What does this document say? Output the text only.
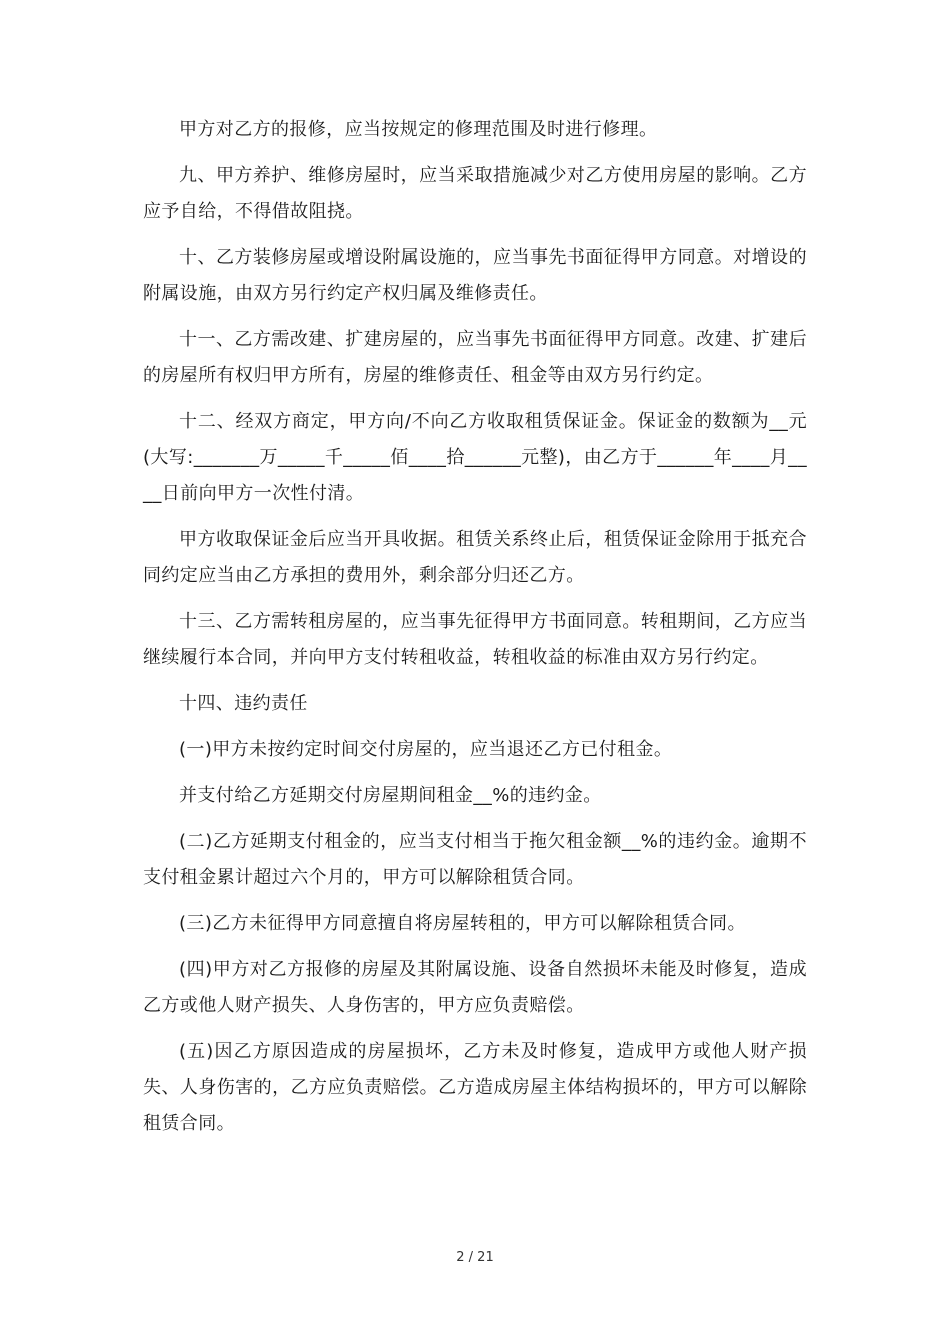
甲方对乙方的报修，应当按规定的修理范围及时进行修理。

九、甲方养护、维修房屋时，应当采取措施减少对乙方使用房屋的影响。乙方应予自给，不得借故阻挠。

十、乙方装修房屋或增设附属设施的，应当事先书面征得甲方同意。对增设的附属设施，由双方另行约定产权归属及维修责任。

十一、乙方需改建、扩建房屋的，应当事先书面征得甲方同意。改建、扩建后的房屋所有权归甲方所有，房屋的维修责任、租金等由双方另行约定。

十二、经双方商定，甲方向/不向乙方收取租赁保证金。保证金的数额为__元(大写:_______万_____千_____佰____拾______元整)，由乙方于______年____月____日前向甲方一次性付清。

甲方收取保证金后应当开具收据。租赁关系终止后，租赁保证金除用于抵充合同约定应当由乙方承担的费用外，剩余部分归还乙方。

十三、乙方需转租房屋的，应当事先征得甲方书面同意。转租期间，乙方应当继续履行本合同，并向甲方支付转租收益，转租收益的标准由双方另行约定。

十四、违约责任

(一)甲方未按约定时间交付房屋的，应当退还乙方已付租金。

并支付给乙方延期交付房屋期间租金__%的违约金。

(二)乙方延期支付租金的，应当支付相当于拖欠租金额__%的违约金。逾期不支付租金累计超过六个月的，甲方可以解除租赁合同。

(三)乙方未征得甲方同意擅自将房屋转租的，甲方可以解除租赁合同。

(四)甲方对乙方报修的房屋及其附属设施、设备自然损坏未能及时修复，造成乙方或他人财产损失、人身伤害的，甲方应负责赔偿。

(五)因乙方原因造成的房屋损坏，乙方未及时修复，造成甲方或他人财产损失、人身伤害的，乙方应负责赔偿。乙方造成房屋主体结构损坏的，甲方可以解除租赁合同。

2 / 21
